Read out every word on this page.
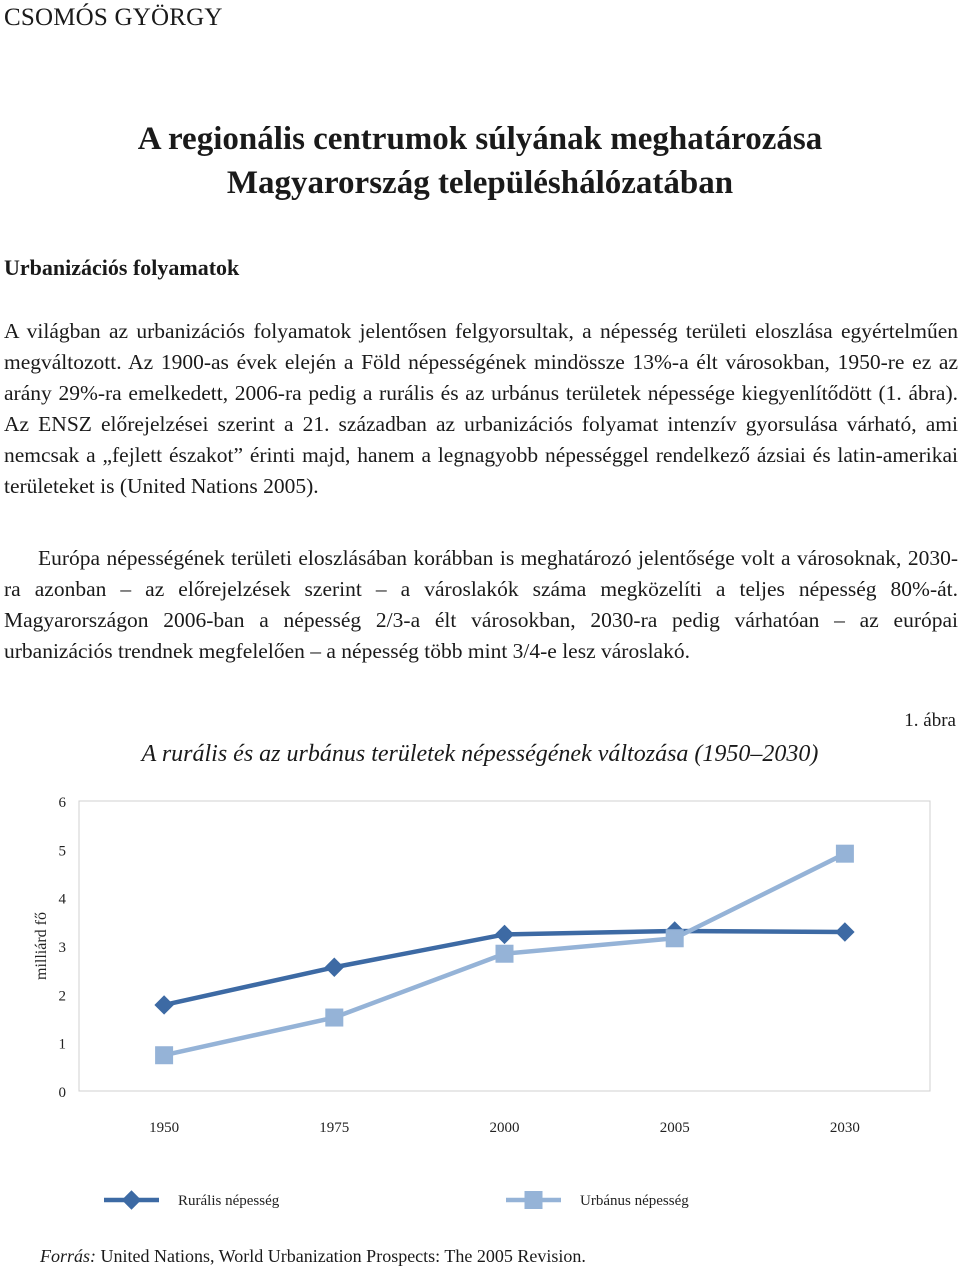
CSOMÓS GYÖRGY
A regionális centrumok súlyának meghatározása
Magyarország településhálózatában
Urbanizációs folyamatok

A világban az urbanizációs folyamatok jelentősen felgyorsultak, a népesség területi eloszlása egyértelműen megváltozott. Az 1900-as évek elején a Föld népességének mindössze 13%-a élt városokban, 1950-re ez az arány 29%-ra emelkedett, 2006-ra pedig a rurális és az urbánus területek népessége kiegyenlítődött (1. ábra). Az ENSZ előrejelzései szerint a 21. században az urbanizációs folyamat intenzív gyorsulása várható, ami nemcsak a „fejlett északot” érinti majd, hanem a legnagyobb népességgel rendelkező ázsiai és latin-amerikai területeket is (United Nations 2005).

Európa népességének területi eloszlásában korábban is meghatározó jelentősége volt a városoknak, 2030-ra azonban – az előrejelzések szerint – a városlakók száma megközelíti a teljes népesség 80%-át. Magyarországon 2006-ban a népesség 2/3-a élt városokban, 2030-ra pedig várhatóan – az európai urbanizációs trendnek megfelelően – a népesség több mint 3/4-e lesz városlakó.

1. ábra
A rurális és az urbánus területek népességének változása (1950–2030)
0
1
2
3
4
5
6
milliárd fő
1950	1975	2000	2005	2030
Rurális népesség	Urbánus népesség
Forrás: United Nations, World Urbanization Prospects: The 2005 Revision.
